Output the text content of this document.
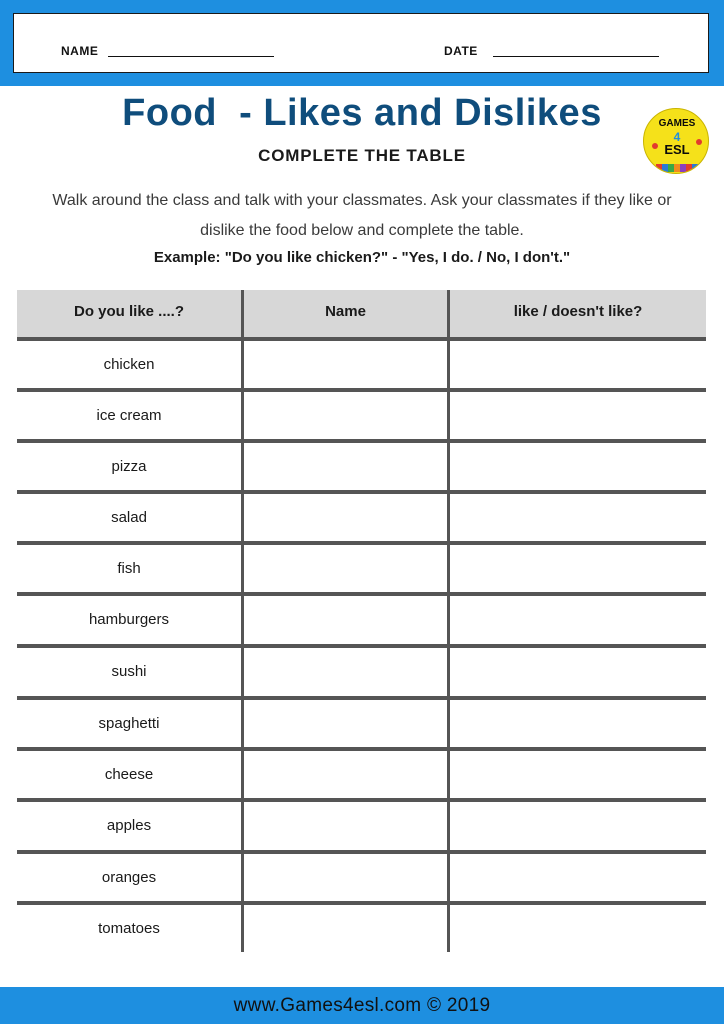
NAME	DATE
Food  - Likes and Dislikes	GAMES
4
ESL
COMPLETE THE TABLE
Walk around the class and talk with your classmates. Ask your classmates if they like or dislike the food below and complete the table.
Example: "Do you like chicken?" - "Yes, I do. / No, I don't."
Do you like ....?	Name	like / doesn't like?
chicken
ice cream
pizza
salad
fish
hamburgers
sushi
spaghetti
cheese
apples
oranges
tomatoes
www.Games4esl.com © 2019
